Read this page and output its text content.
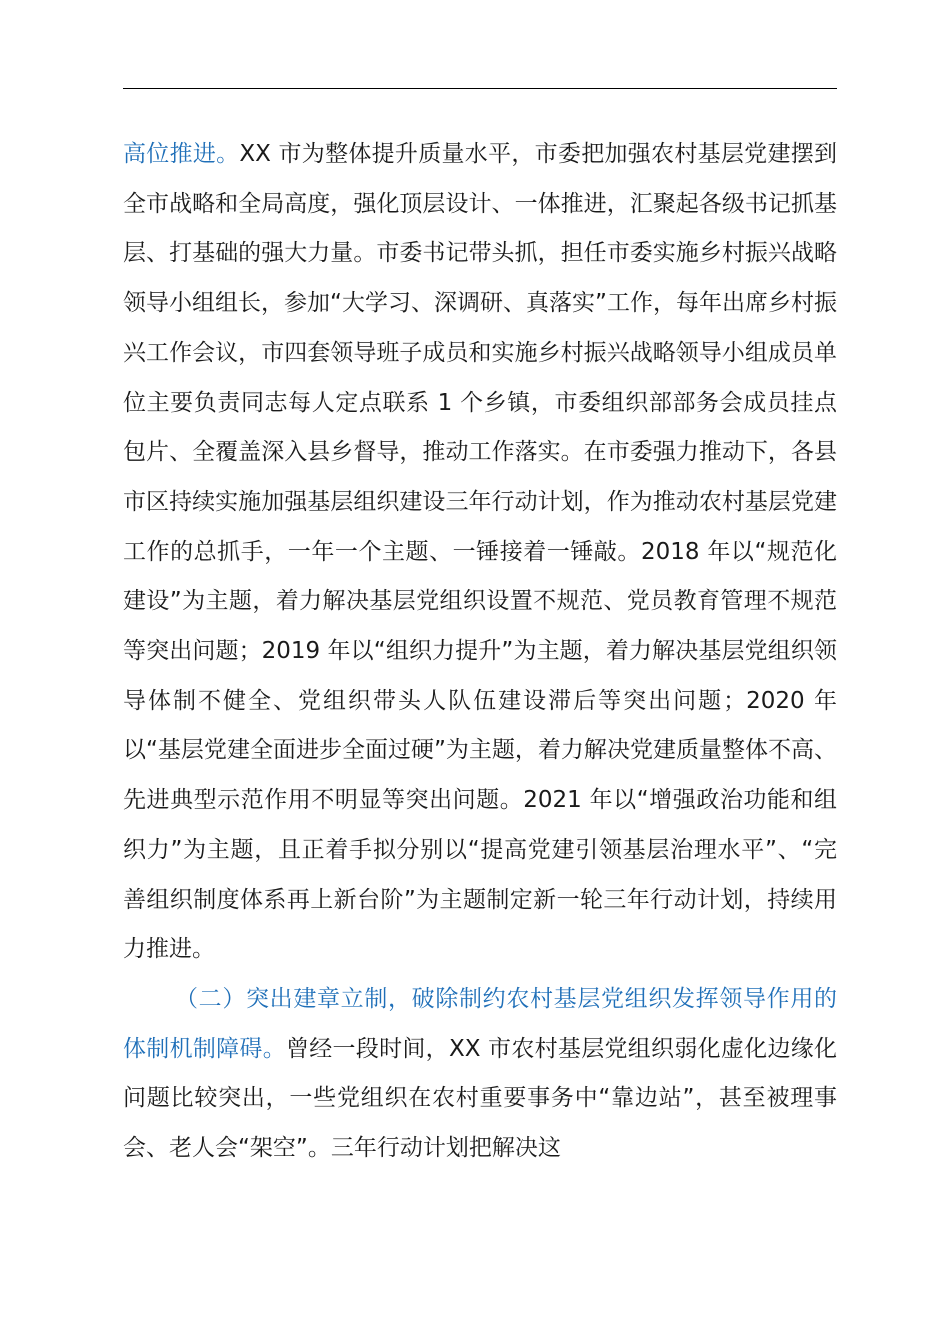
高位推进。XX 市为整体提升质量水平，市委把加强农村基层党建摆到全市战略和全局高度，强化顶层设计、一体推进，汇聚起各级书记抓基层、打基础的强大力量。市委书记带头抓，担任市委实施乡村振兴战略领导小组组长，参加“大学习、深调研、真落实”工作，每年出席乡村振兴工作会议，市四套领导班子成员和实施乡村振兴战略领导小组成员单位主要负责同志每人定点联系 1 个乡镇，市委组织部部务会成员挂点包片、全覆盖深入县乡督导，推动工作落实。在市委强力推动下，各县市区持续实施加强基层组织建设三年行动计划，作为推动农村基层党建工作的总抓手，一年一个主题、一锤接着一锤敲。2018 年以“规范化建设”为主题，着力解决基层党组织设置不规范、党员教育管理不规范等突出问题；2019 年以“组织力提升”为主题，着力解决基层党组织领导体制不健全、党组织带头人队伍建设滞后等突出问题；2020 年以“基层党建全面进步全面过硬”为主题，着力解决党建质量整体不高、先进典型示范作用不明显等突出问题。2021 年以“增强政治功能和组织力”为主题，且正着手拟分别以“提高党建引领基层治理水平”、“完善组织制度体系再上新台阶”为主题制定新一轮三年行动计划，持续用力推进。

（二）突出建章立制，破除制约农村基层党组织发挥领导作用的体制机制障碍。曾经一段时间，XX 市农村基层党组织弱化虚化边缘化问题比较突出，一些党组织在农村重要事务中“靠边站”，甚至被理事会、老人会“架空”。三年行动计划把解决这
